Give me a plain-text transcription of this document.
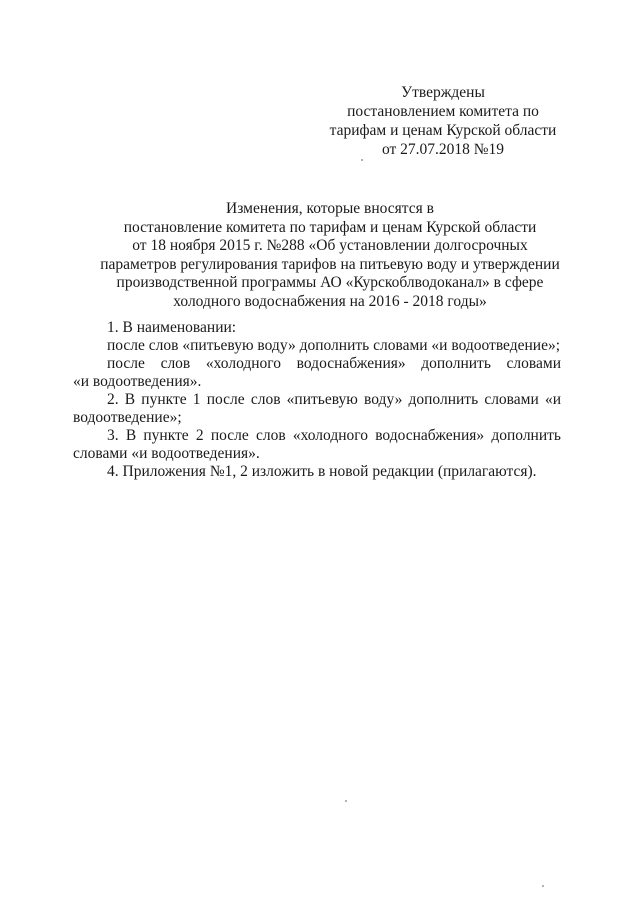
Утверждены
постановлением комитета по
тарифам и ценам Курской области
от 27.07.2018 №19
Изменения, которые вносятся в
постановление комитета по тарифам и ценам Курской области
от 18 ноября 2015 г. №288 «Об установлении долгосрочных
параметров регулирования тарифов на питьевую воду и утверждении
производственной программы АО «Курскоблводоканал» в сфере
холодного водоснабжения на 2016 - 2018 годы»

1. В наименовании:

после слов «питьевую воду» дополнить словами «и водоотведение»;

после слов «холодного водоснабжения» дополнить словами

«и водоотведения».

2. В пункте 1 после слов «питьевую воду» дополнить словами «и

водоотведение»;

3. В пункте 2 после слов «холодного водоснабжения» дополнить

словами «и водоотведения».

4. Приложения №1, 2 изложить в новой редакции (прилагаются).
